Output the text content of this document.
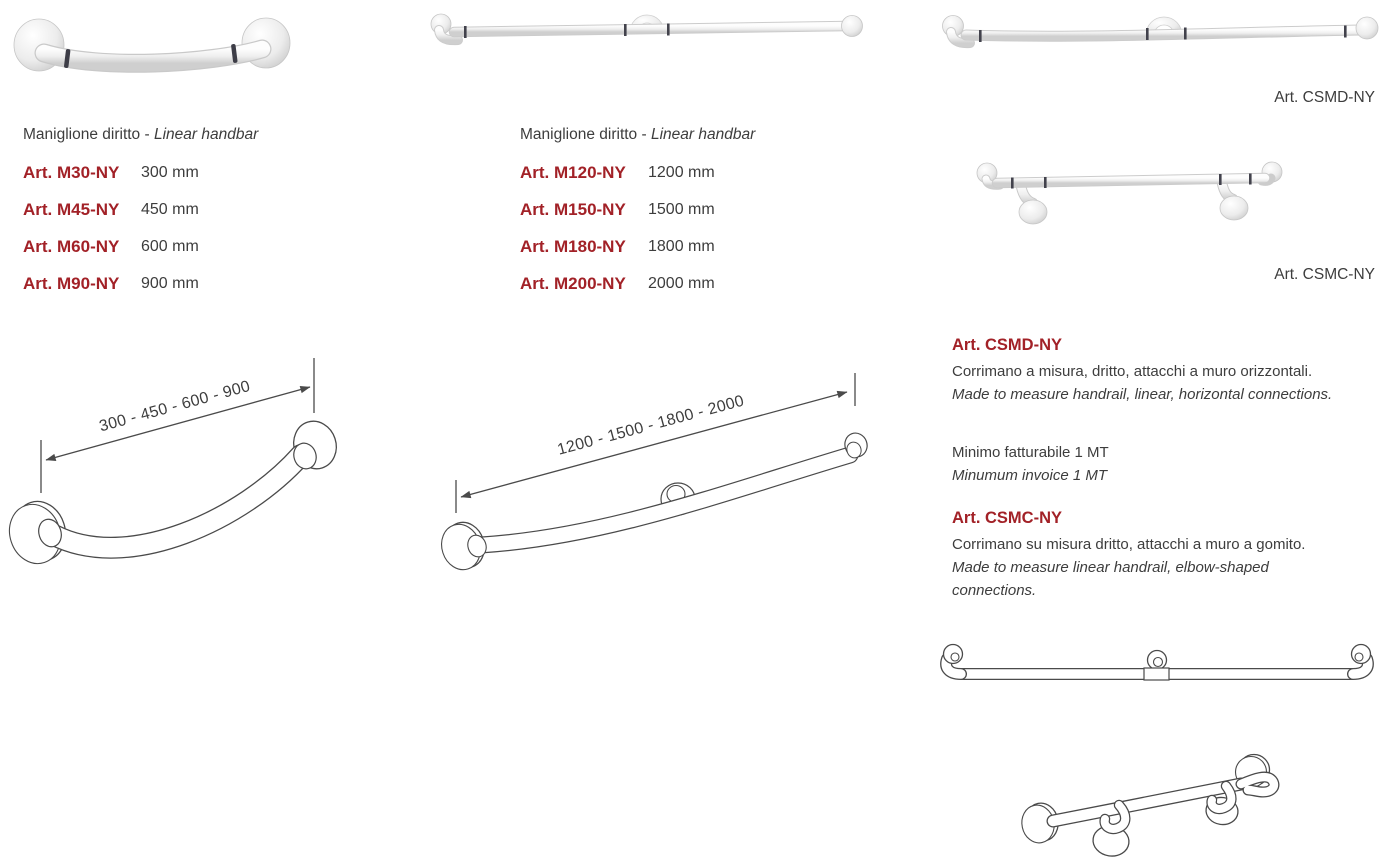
Maniglione diritto - Linear handbar
Art. M30-NY	300 mm
Art. M45-NY	450 mm
Art. M60-NY	600 mm
Art. M90-NY	900 mm
300 - 450 - 600 - 900
Maniglione diritto - Linear handbar
Art. M120-NY	1200 mm
Art. M150-NY	1500 mm
Art. M180-NY	1800 mm
Art. M200-NY	2000 mm
1200 - 1500 - 1800 - 2000
Art. CSMD-NY
Art. CSMC-NY
Art. CSMD-NY

Corrimano a misura, dritto, attacchi a muro orizzontali.

Made to measure handrail, linear, horizontal connections.

Minimo fatturabile 1 MT

Minumum invoice 1 MT

Art. CSMC-NY

Corrimano su misura dritto, attacchi a muro a gomito.

Made to measure linear handrail, elbow-shaped

connections.
